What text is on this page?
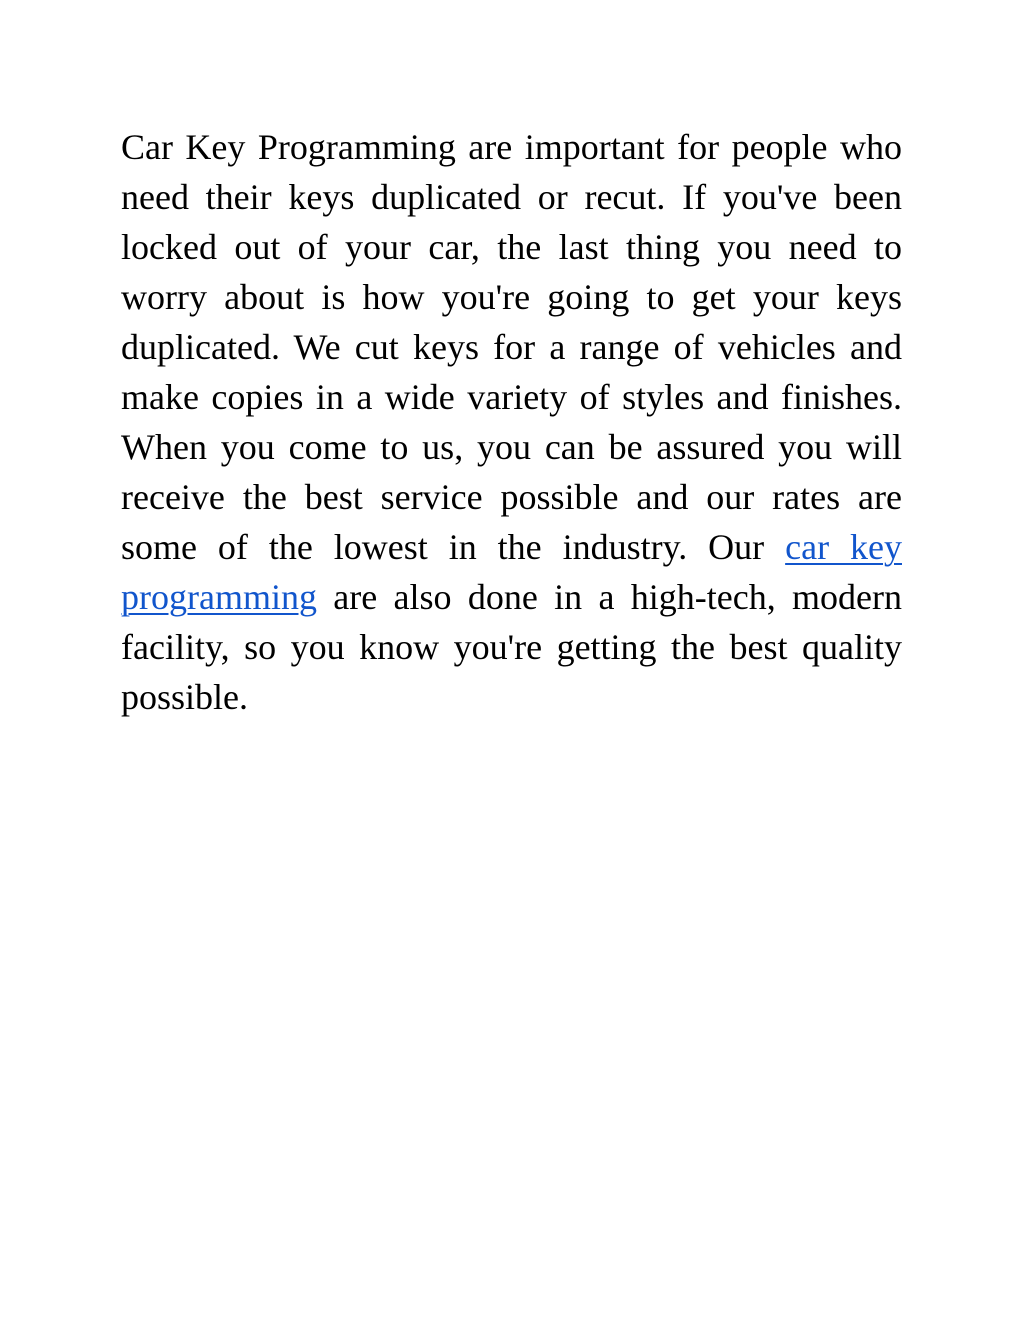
Car Key Programming are important for people who need their keys duplicated or recut. If you've been locked out of your car, the last thing you need to worry about is how you're going to get your keys duplicated. We cut keys for a range of vehicles and make copies in a wide variety of styles and finishes. When you come to us, you can be assured you will receive the best service possible and our rates are some of the lowest in the industry. Our car key programming are also done in a high-tech, modern facility, so you know you're getting the best quality possible.
